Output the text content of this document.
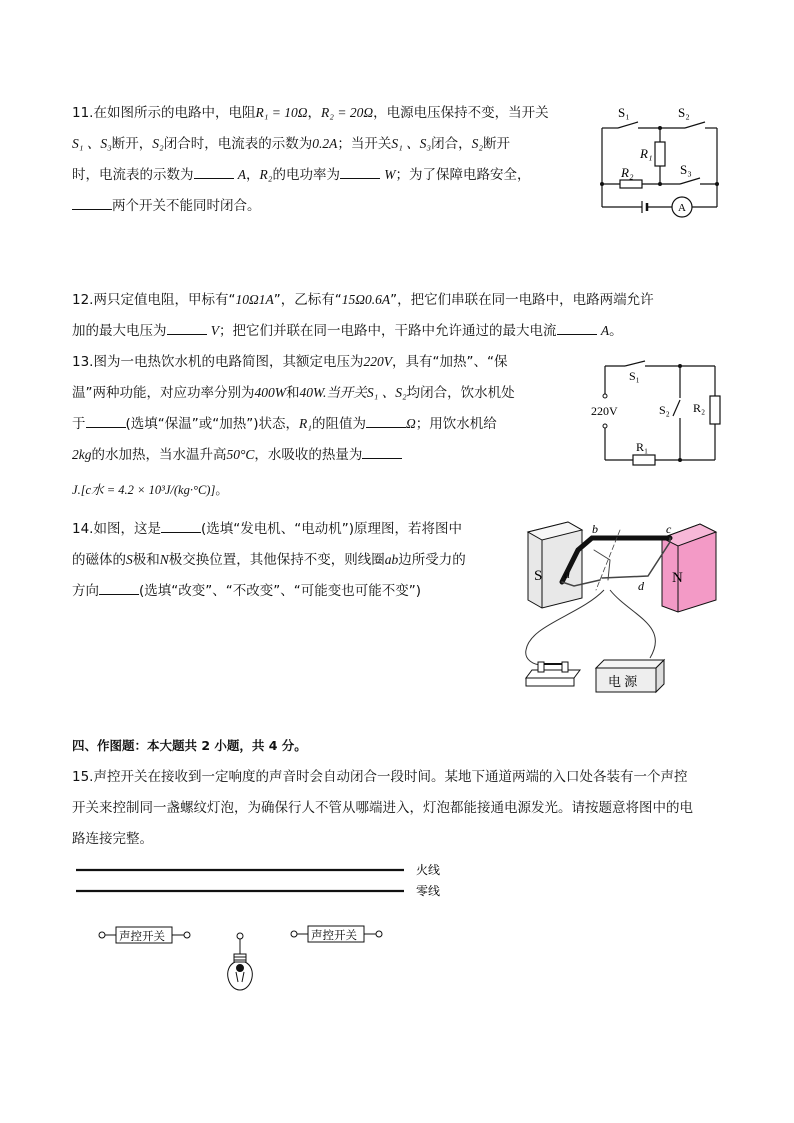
11.在如图所示的电路中，电阻R₁ = 10Ω，R₂ = 20Ω，电源电压保持不变，当开关
S₁ 、S₃断开，S₂闭合时，电流表的示数为0.2A；当开关S₁ 、S₃闭合，S₂断开
时，电流表的示数为	A，R₂的电功率为	W；为了保障电路安全，
两个开关不能同时闭合。
S₁	S₂
S₃
R₁
R₂
A
12.两只定值电阻，甲标有“10Ω1A”，乙标有“15Ω0.6A”，把它们串联在同一电路中，电路两端允许
加的最大电压为	V；把它们并联在同一电路中，干路中允许通过的最大电流	A。
13.图为一电热饮水机的电路简图，其额定电压为220V，具有“加热”、“保
温”两种功能，对应功率分别为400W和40W.当开关S₁ 、S₂均闭合，饮水机处
于	(选填“保温”或“加热”)状态，R₁的阻值为	Ω；用饮水机给
2kg的水加热，当水温升高50°C，水吸收的热量为
J.[c水 = 4.2 × 10³J/(kg·°C)]。
220V
S₁
S₂
R₁
R₂
14.如图，这是	(选填“发电机、“电动机”)原理图，若将图中
的磁体的S极和N极交换位置，其他保持不变，则线圈ab边所受力的
方向	(选填“改变”、“不改变”、“可能变也可能不变”)
S	N
a
b	c
d
电 源
四、作图题：本大题共 2 小题，共 4 分。
15.声控开关在接收到一定响度的声音时会自动闭合一段时间。某地下通道两端的入口处各装有一个声控
开关来控制同一盏螺纹灯泡，为确保行人不管从哪端进入，灯泡都能接通电源发光。请按题意将图中的电
路连接完整。
火线
零线
声控开关	声控开关
